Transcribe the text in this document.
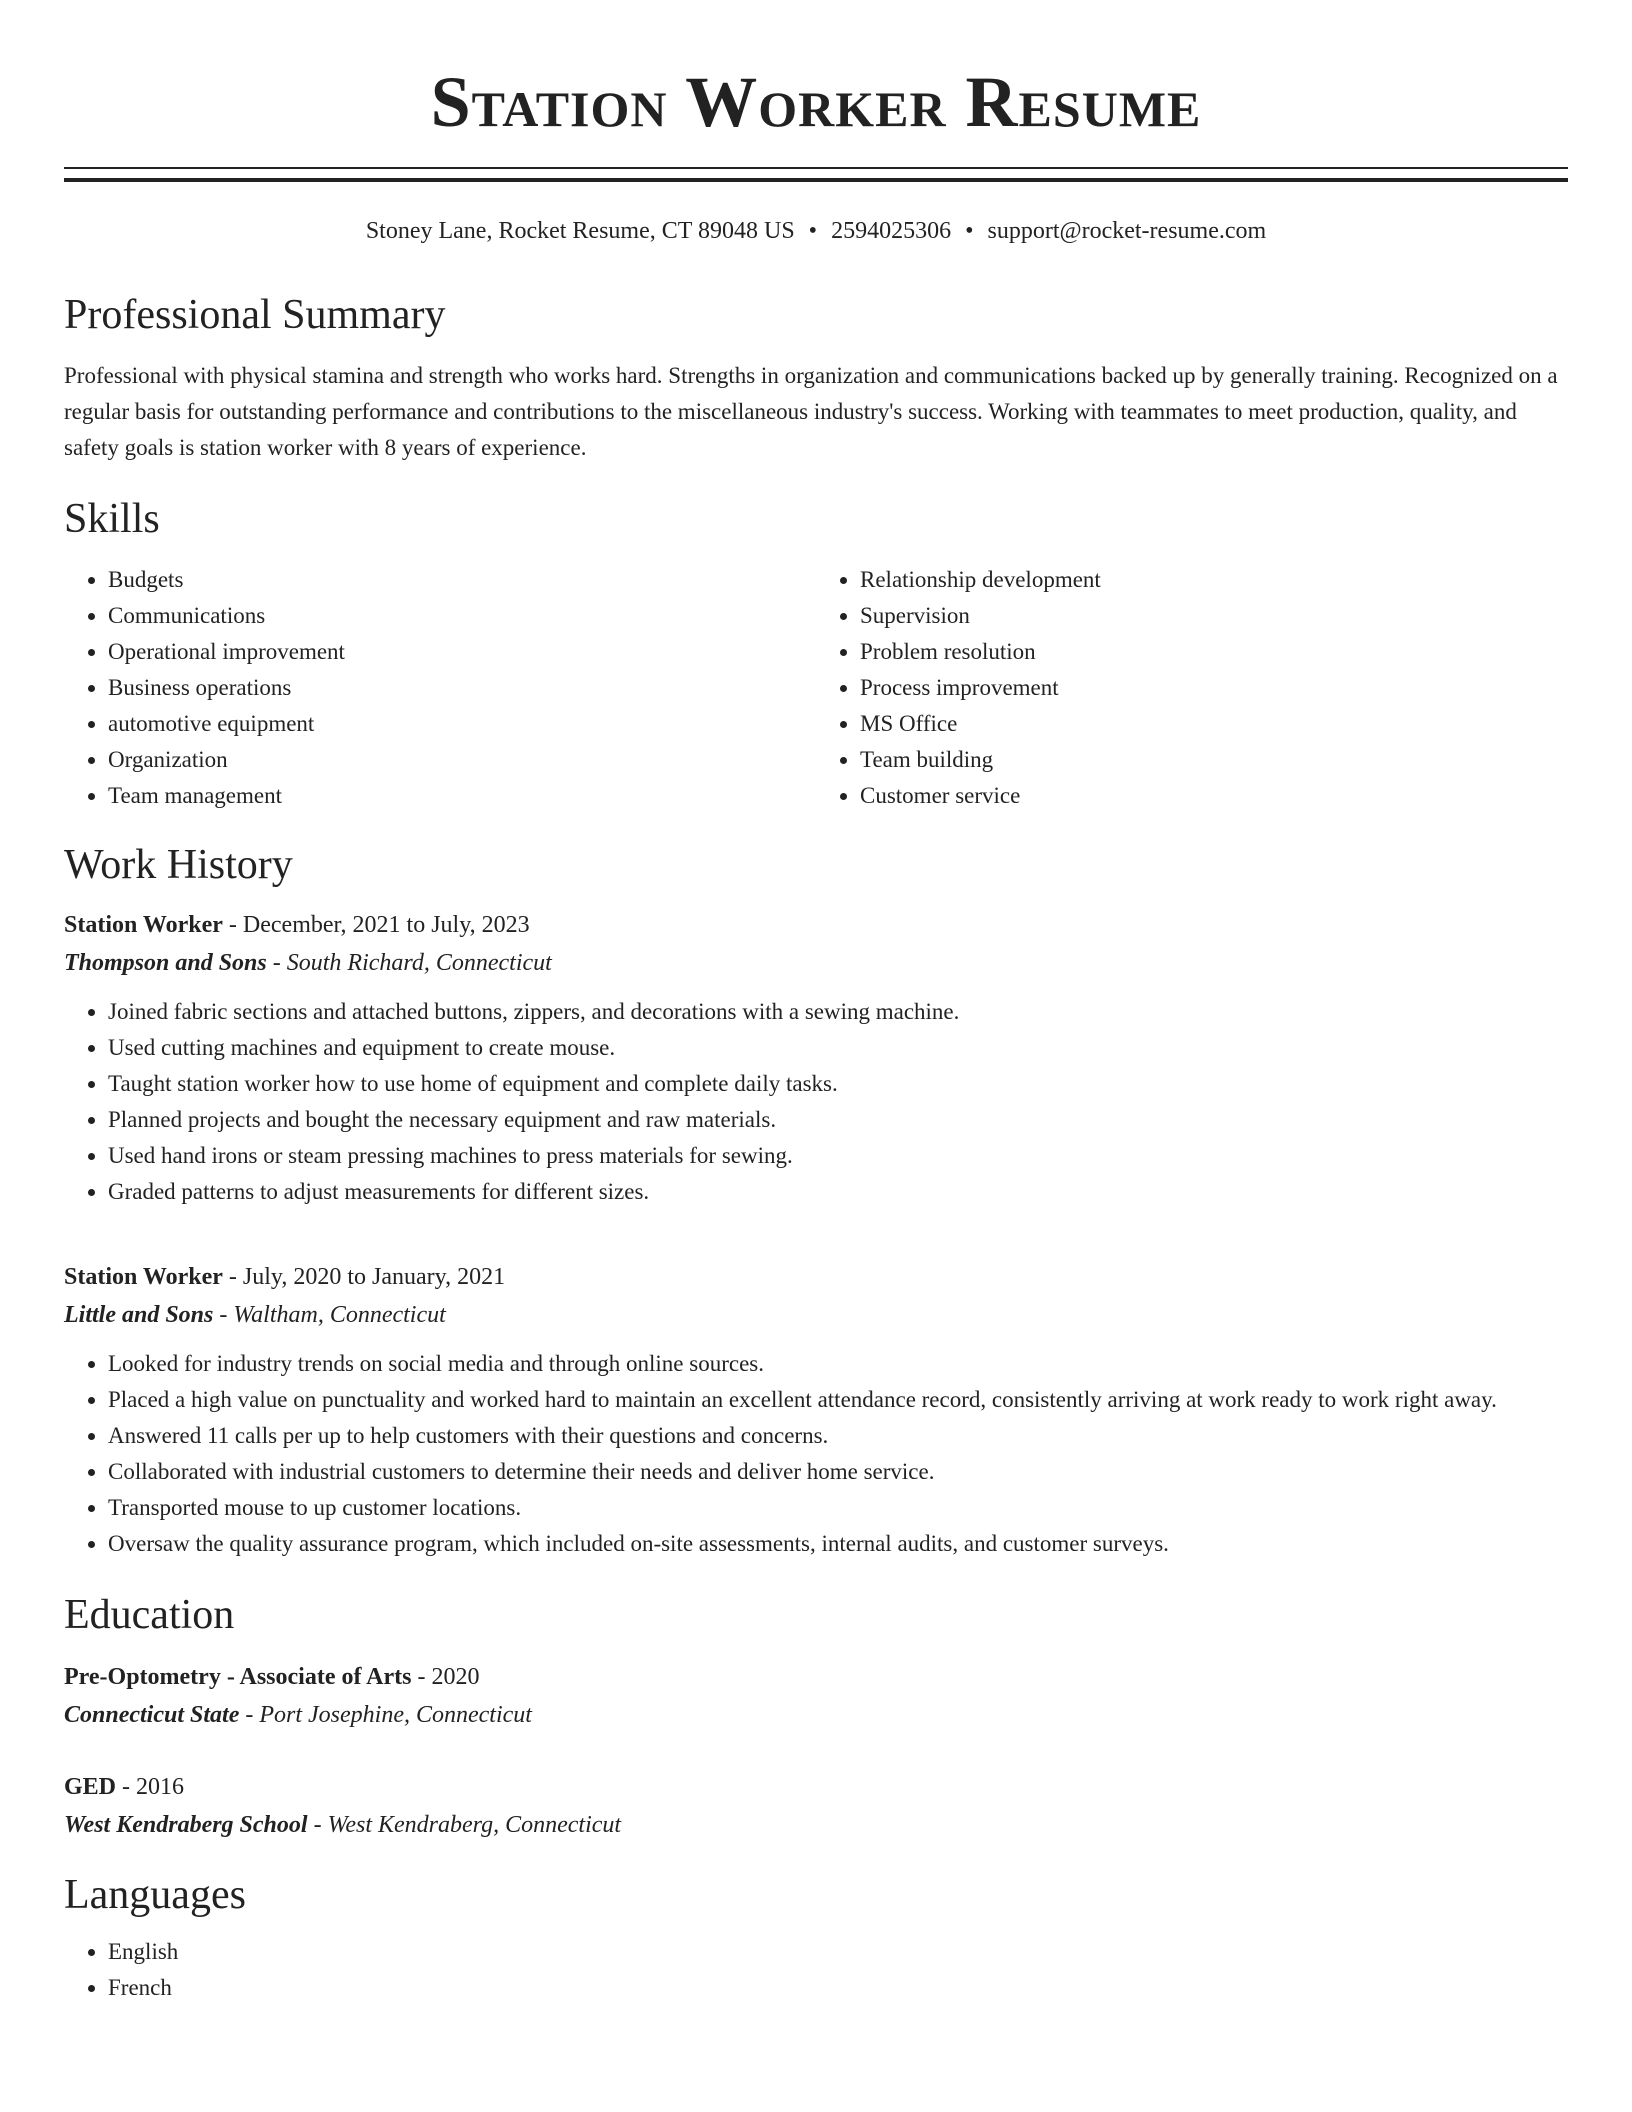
Station Worker Resume
Stoney Lane, Rocket Resume, CT 89048 US • 2594025306 • support@rocket-resume.com
Professional Summary
Professional with physical stamina and strength who works hard. Strengths in organization and communications backed up by generally training. Recognized on a regular basis for outstanding performance and contributions to the miscellaneous industry's success. Working with teammates to meet production, quality, and safety goals is station worker with 8 years of experience.
Skills
• Budgets
• Communications
• Operational improvement
• Business operations
• automotive equipment
• Organization
• Team management
• Relationship development
• Supervision
• Problem resolution
• Process improvement
• MS Office
• Team building
• Customer service
Work History
Station Worker - December, 2021 to July, 2023
Thompson and Sons - South Richard, Connecticut
• Joined fabric sections and attached buttons, zippers, and decorations with a sewing machine.
• Used cutting machines and equipment to create mouse.
• Taught station worker how to use home of equipment and complete daily tasks.
• Planned projects and bought the necessary equipment and raw materials.
• Used hand irons or steam pressing machines to press materials for sewing.
• Graded patterns to adjust measurements for different sizes.
Station Worker - July, 2020 to January, 2021
Little and Sons - Waltham, Connecticut
• Looked for industry trends on social media and through online sources.
• Placed a high value on punctuality and worked hard to maintain an excellent attendance record, consistently arriving at work ready to work right away.
• Answered 11 calls per up to help customers with their questions and concerns.
• Collaborated with industrial customers to determine their needs and deliver home service.
• Transported mouse to up customer locations.
• Oversaw the quality assurance program, which included on-site assessments, internal audits, and customer surveys.
Education
Pre-Optometry - Associate of Arts - 2020
Connecticut State - Port Josephine, Connecticut
GED - 2016
West Kendraberg School - West Kendraberg, Connecticut
Languages
• English
• French
